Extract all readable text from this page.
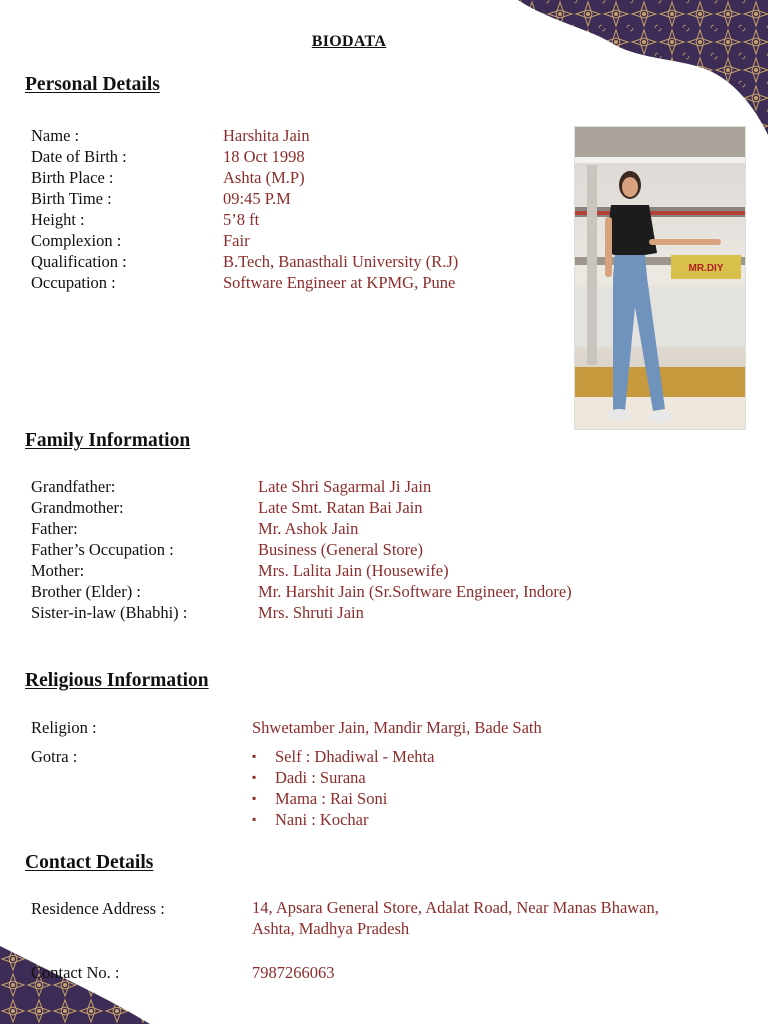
BIODATA
Personal Details
Name :	Harshita Jain
Date of Birth :	18 Oct 1998
Birth Place :	Ashta (M.P)
Birth Time :	09:45 P.M
Height :	5’8 ft
Complexion :	Fair
Qualification :	B.Tech, Banasthali University (R.J)
Occupation :	Software Engineer at KPMG, Pune
MR.DIY
Family Information
Grandfather:	Late Shri Sagarmal Ji Jain
Grandmother:	Late Smt. Ratan Bai Jain
Father:	Mr. Ashok Jain
Father’s Occupation :	Business (General Store)
Mother:	Mrs. Lalita Jain (Housewife)
Brother (Elder) :	Mr. Harshit Jain (Sr.Software Engineer, Indore)
Sister-in-law (Bhabhi) :	Mrs. Shruti Jain
Religious Information
Religion :	Shwetamber Jain, Mandir Margi, Bade Sath
Gotra :	▪ Self : Dhadiwal - Mehta
▪ Dadi : Surana
▪ Mama : Rai Soni
▪ Nani : Kochar
Contact Details
Residence Address :	14, Apsara General Store, Adalat Road, Near Manas Bhawan, Ashta, Madhya Pradesh
Contact No. :	7987266063
